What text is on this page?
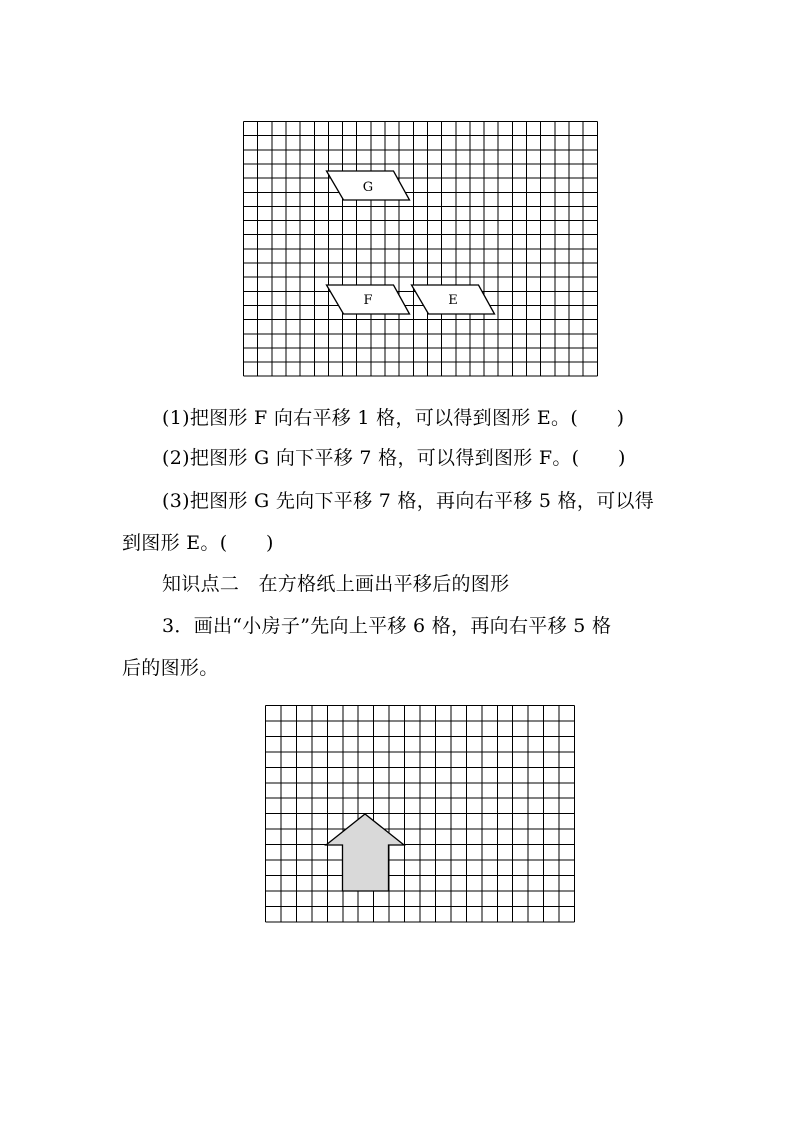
G
F	E

(1)把图形 F 向右平移 1 格，可以得到图形 E。(　　)

(2)把图形 G 向下平移 7 格，可以得到图形 F。(　　)

(3)把图形 G 先向下平移 7 格，再向右平移 5 格，可以得

到图形 E。(　　)

知识点二　在方格纸上画出平移后的图形

3．画出“小房子”先向上平移 6 格，再向右平移 5 格

后的图形。
